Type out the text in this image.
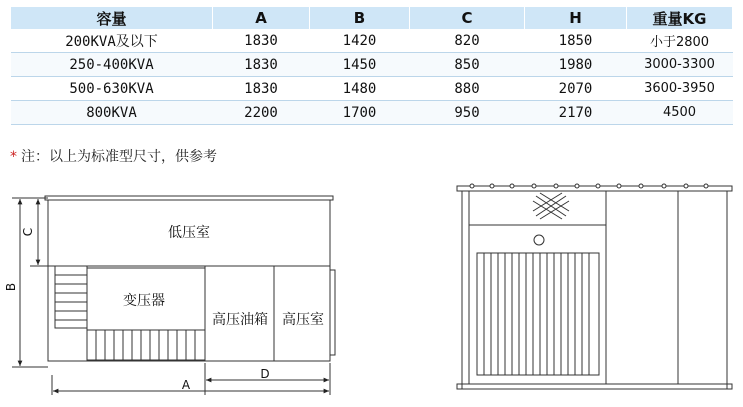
容量	A	B	C	H	重量KG
200KVA及以下	1830	1420	820	1850	小于2800
250-400KVA	1830	1450	850	1980	3000-3300
500-630KVA	1830	1480	880	2070	3600-3950
800KVA	2200	1700	950	2170	4500
* 注：以上为标准型尺寸，供参考
低压室
变压器
高压油箱 高压室
B
C
A
D
